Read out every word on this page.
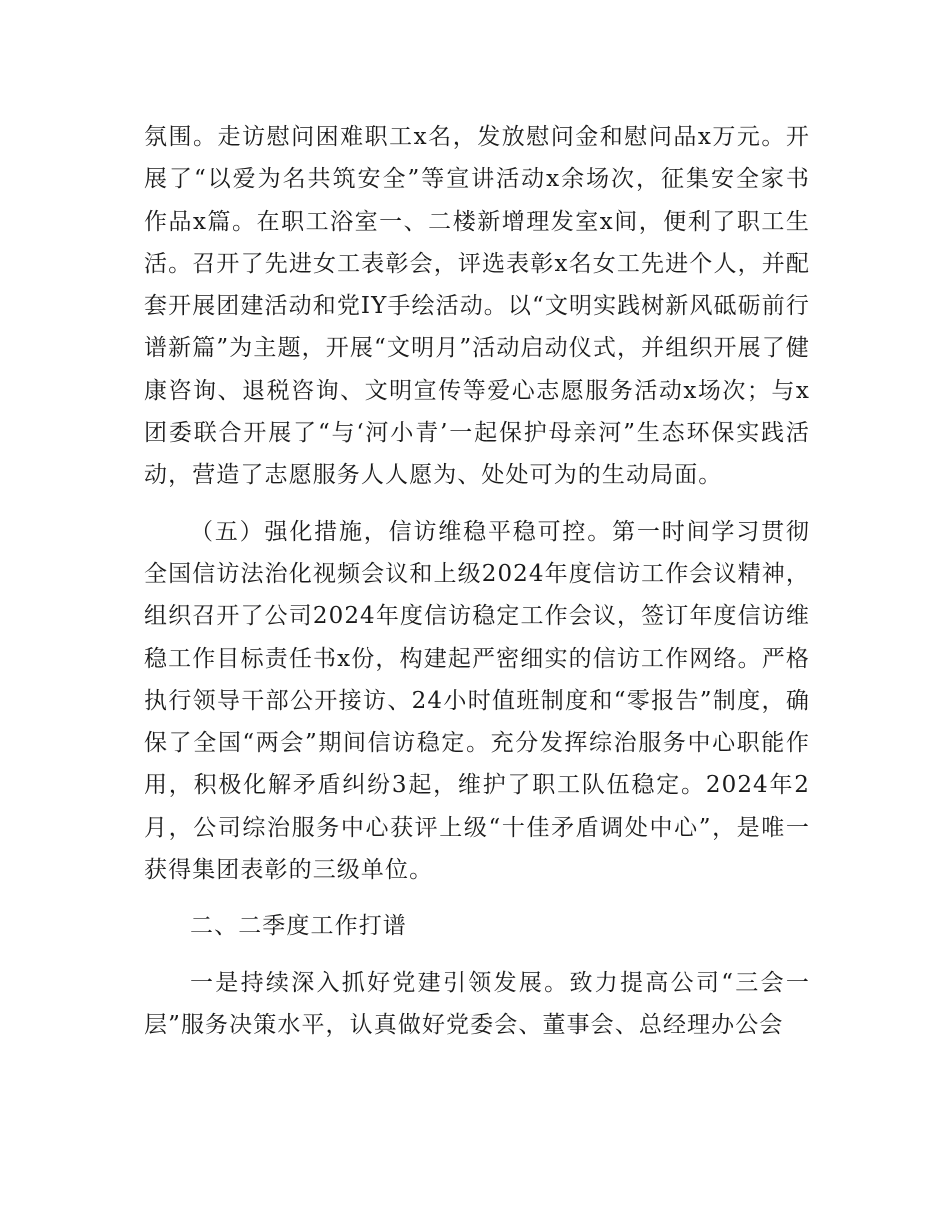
氛围。走访慰问困难职工x名，发放慰问金和慰问品x万元。开展了“以爱为名共筑安全”等宣讲活动x余场次，征集安全家书作品x篇。在职工浴室一、二楼新增理发室x间，便利了职工生活。召开了先进女工表彰会，评选表彰x名女工先进个人，并配套开展团建活动和党IY手绘活动。以“文明实践树新风砥砺前行谱新篇”为主题，开展“文明月”活动启动仪式，并组织开展了健康咨询、退税咨询、文明宣传等爱心志愿服务活动x场次；与x团委联合开展了“与‘河小青’一起保护母亲河”生态环保实践活动，营造了志愿服务人人愿为、处处可为的生动局面。

（五）强化措施，信访维稳平稳可控。第一时间学习贯彻全国信访法治化视频会议和上级2024年度信访工作会议精神，组织召开了公司2024年度信访稳定工作会议，签订年度信访维稳工作目标责任书x份，构建起严密细实的信访工作网络。严格执行领导干部公开接访、24小时值班制度和“零报告”制度，确保了全国“两会”期间信访稳定。充分发挥综治服务中心职能作用，积极化解矛盾纠纷3起，维护了职工队伍稳定。2024年2月，公司综治服务中心获评上级“十佳矛盾调处中心”，是唯一获得集团表彰的三级单位。

二、二季度工作打谱

一是持续深入抓好党建引领发展。致力提高公司“三会一层”服务决策水平，认真做好党委会、董事会、总经理办公会
